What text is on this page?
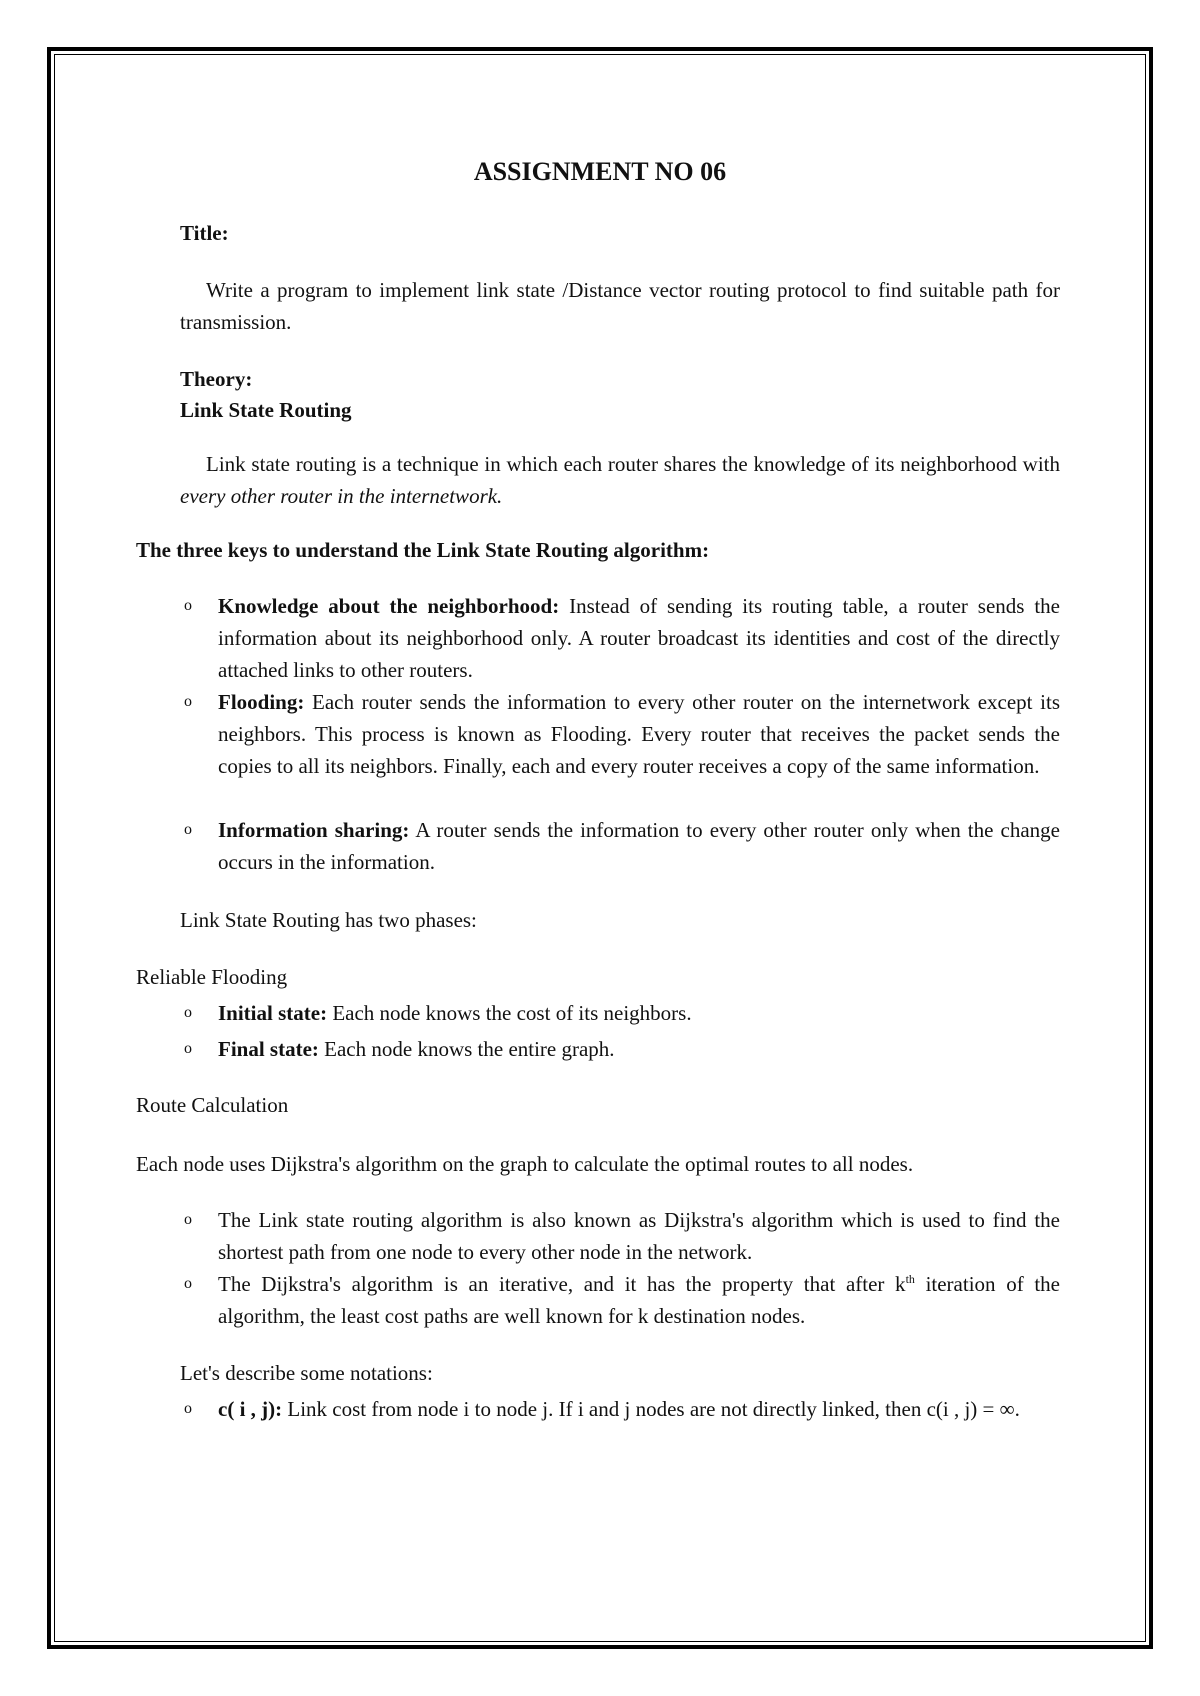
ASSIGNMENT NO 06
Title:

Write a program to implement link state /Distance vector routing protocol to find suitable path for transmission.

Theory:
Link State Routing

Link state routing is a technique in which each router shares the knowledge of its neighborhood with every other router in the internetwork.

The three keys to understand the Link State Routing algorithm:
o Knowledge about the neighborhood: Instead of sending its routing table, a router sends the information about its neighborhood only. A router broadcast its identities and cost of the directly attached links to other routers.

o Flooding: Each router sends the information to every other router on the internetwork except its neighbors. This process is known as Flooding. Every router that receives the packet sends the copies to all its neighbors. Finally, each and every router receives a copy of the same information.

o Information sharing: A router sends the information to every other router only when the change occurs in the information.

Link State Routing has two phases:
Reliable Flooding
o Initial state: Each node knows the cost of its neighbors.

o Final state: Each node knows the entire graph.

Route Calculation
Each node uses Dijkstra's algorithm on the graph to calculate the optimal routes to all nodes.
o The Link state routing algorithm is also known as Dijkstra's algorithm which is used to find the shortest path from one node to every other node in the network.

o The Dijkstra's algorithm is an iterative, and it has the property that after $k^{th}$ iteration of the algorithm, the least cost paths are well known for k destination nodes.

Let's describe some notations:
o c( i , j): Link cost from node i to node j. If i and j nodes are not directly linked, then c(i , j) = ∞.
